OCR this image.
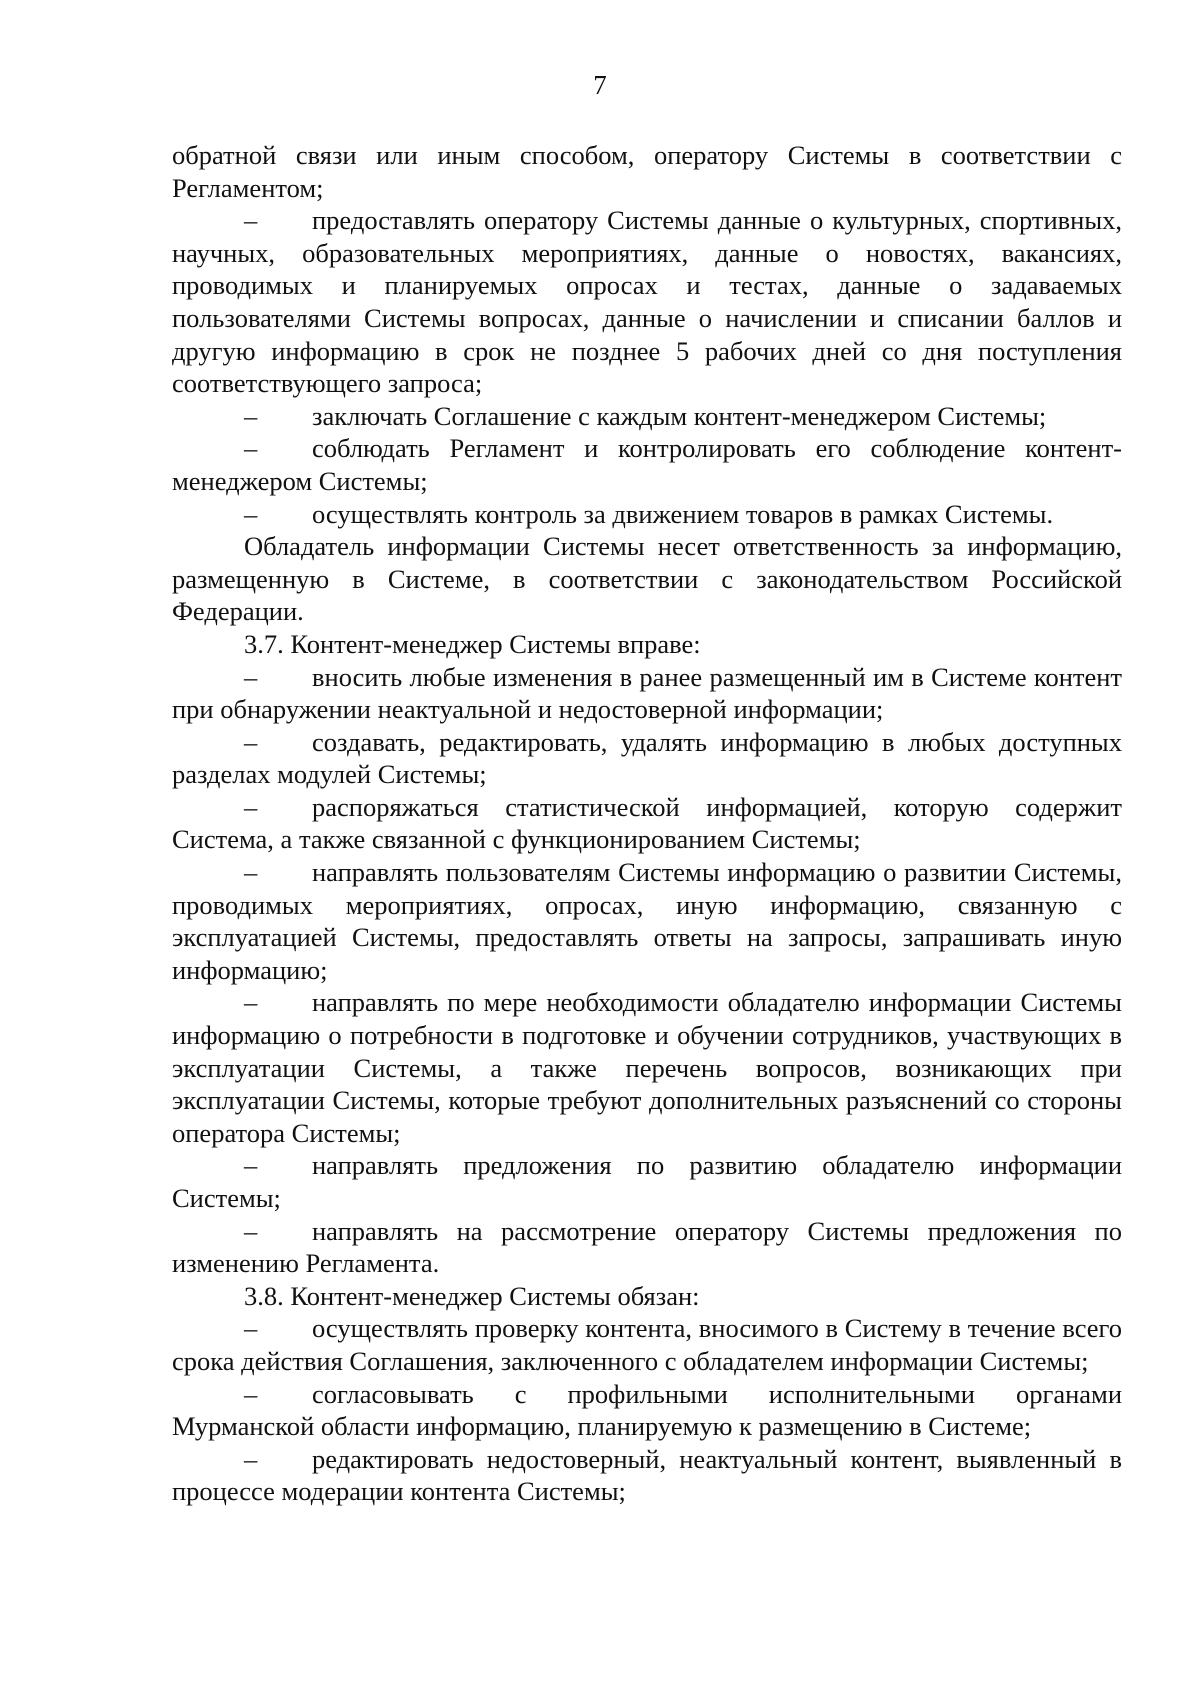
7

обратной связи или иным способом, оператору Системы в соответствии с Регламентом;

– предоставлять оператору Системы данные о культурных, спортивных, научных, образовательных мероприятиях, данные о новостях, вакансиях, проводимых и планируемых опросах и тестах, данные о задаваемых пользователями Системы вопросах, данные о начислении и списании баллов и другую информацию в срок не позднее 5 рабочих дней со дня поступления соответствующего запроса;

– заключать Соглашение с каждым контент-менеджером Системы;

– соблюдать Регламент и контролировать его соблюдение контент-менеджером Системы;

– осуществлять контроль за движением товаров в рамках Системы.

Обладатель информации Системы несет ответственность за информацию, размещенную в Системе, в соответствии с законодательством Российской Федерации.

3.7. Контент-менеджер Системы вправе:

– вносить любые изменения в ранее размещенный им в Системе контент при обнаружении неактуальной и недостоверной информации;

– создавать, редактировать, удалять информацию в любых доступных разделах модулей Системы;

– распоряжаться статистической информацией, которую содержит Система, а также связанной с функционированием Системы;

– направлять пользователям Системы информацию о развитии Системы, проводимых мероприятиях, опросах, иную информацию, связанную с эксплуатацией Системы, предоставлять ответы на запросы, запрашивать иную информацию;

– направлять по мере необходимости обладателю информации Системы информацию о потребности в подготовке и обучении сотрудников, участвующих в эксплуатации Системы, а также перечень вопросов, возникающих при эксплуатации Системы, которые требуют дополнительных разъяснений со стороны оператора Системы;

– направлять предложения по развитию обладателю информации Системы;

– направлять на рассмотрение оператору Системы предложения по изменению Регламента.

3.8. Контент-менеджер Системы обязан:

– осуществлять проверку контента, вносимого в Систему в течение всего срока действия Соглашения, заключенного с обладателем информации Системы;

– согласовывать с профильными исполнительными органами Мурманской области информацию, планируемую к размещению в Системе;

– редактировать недостоверный, неактуальный контент, выявленный в процессе модерации контента Системы;
